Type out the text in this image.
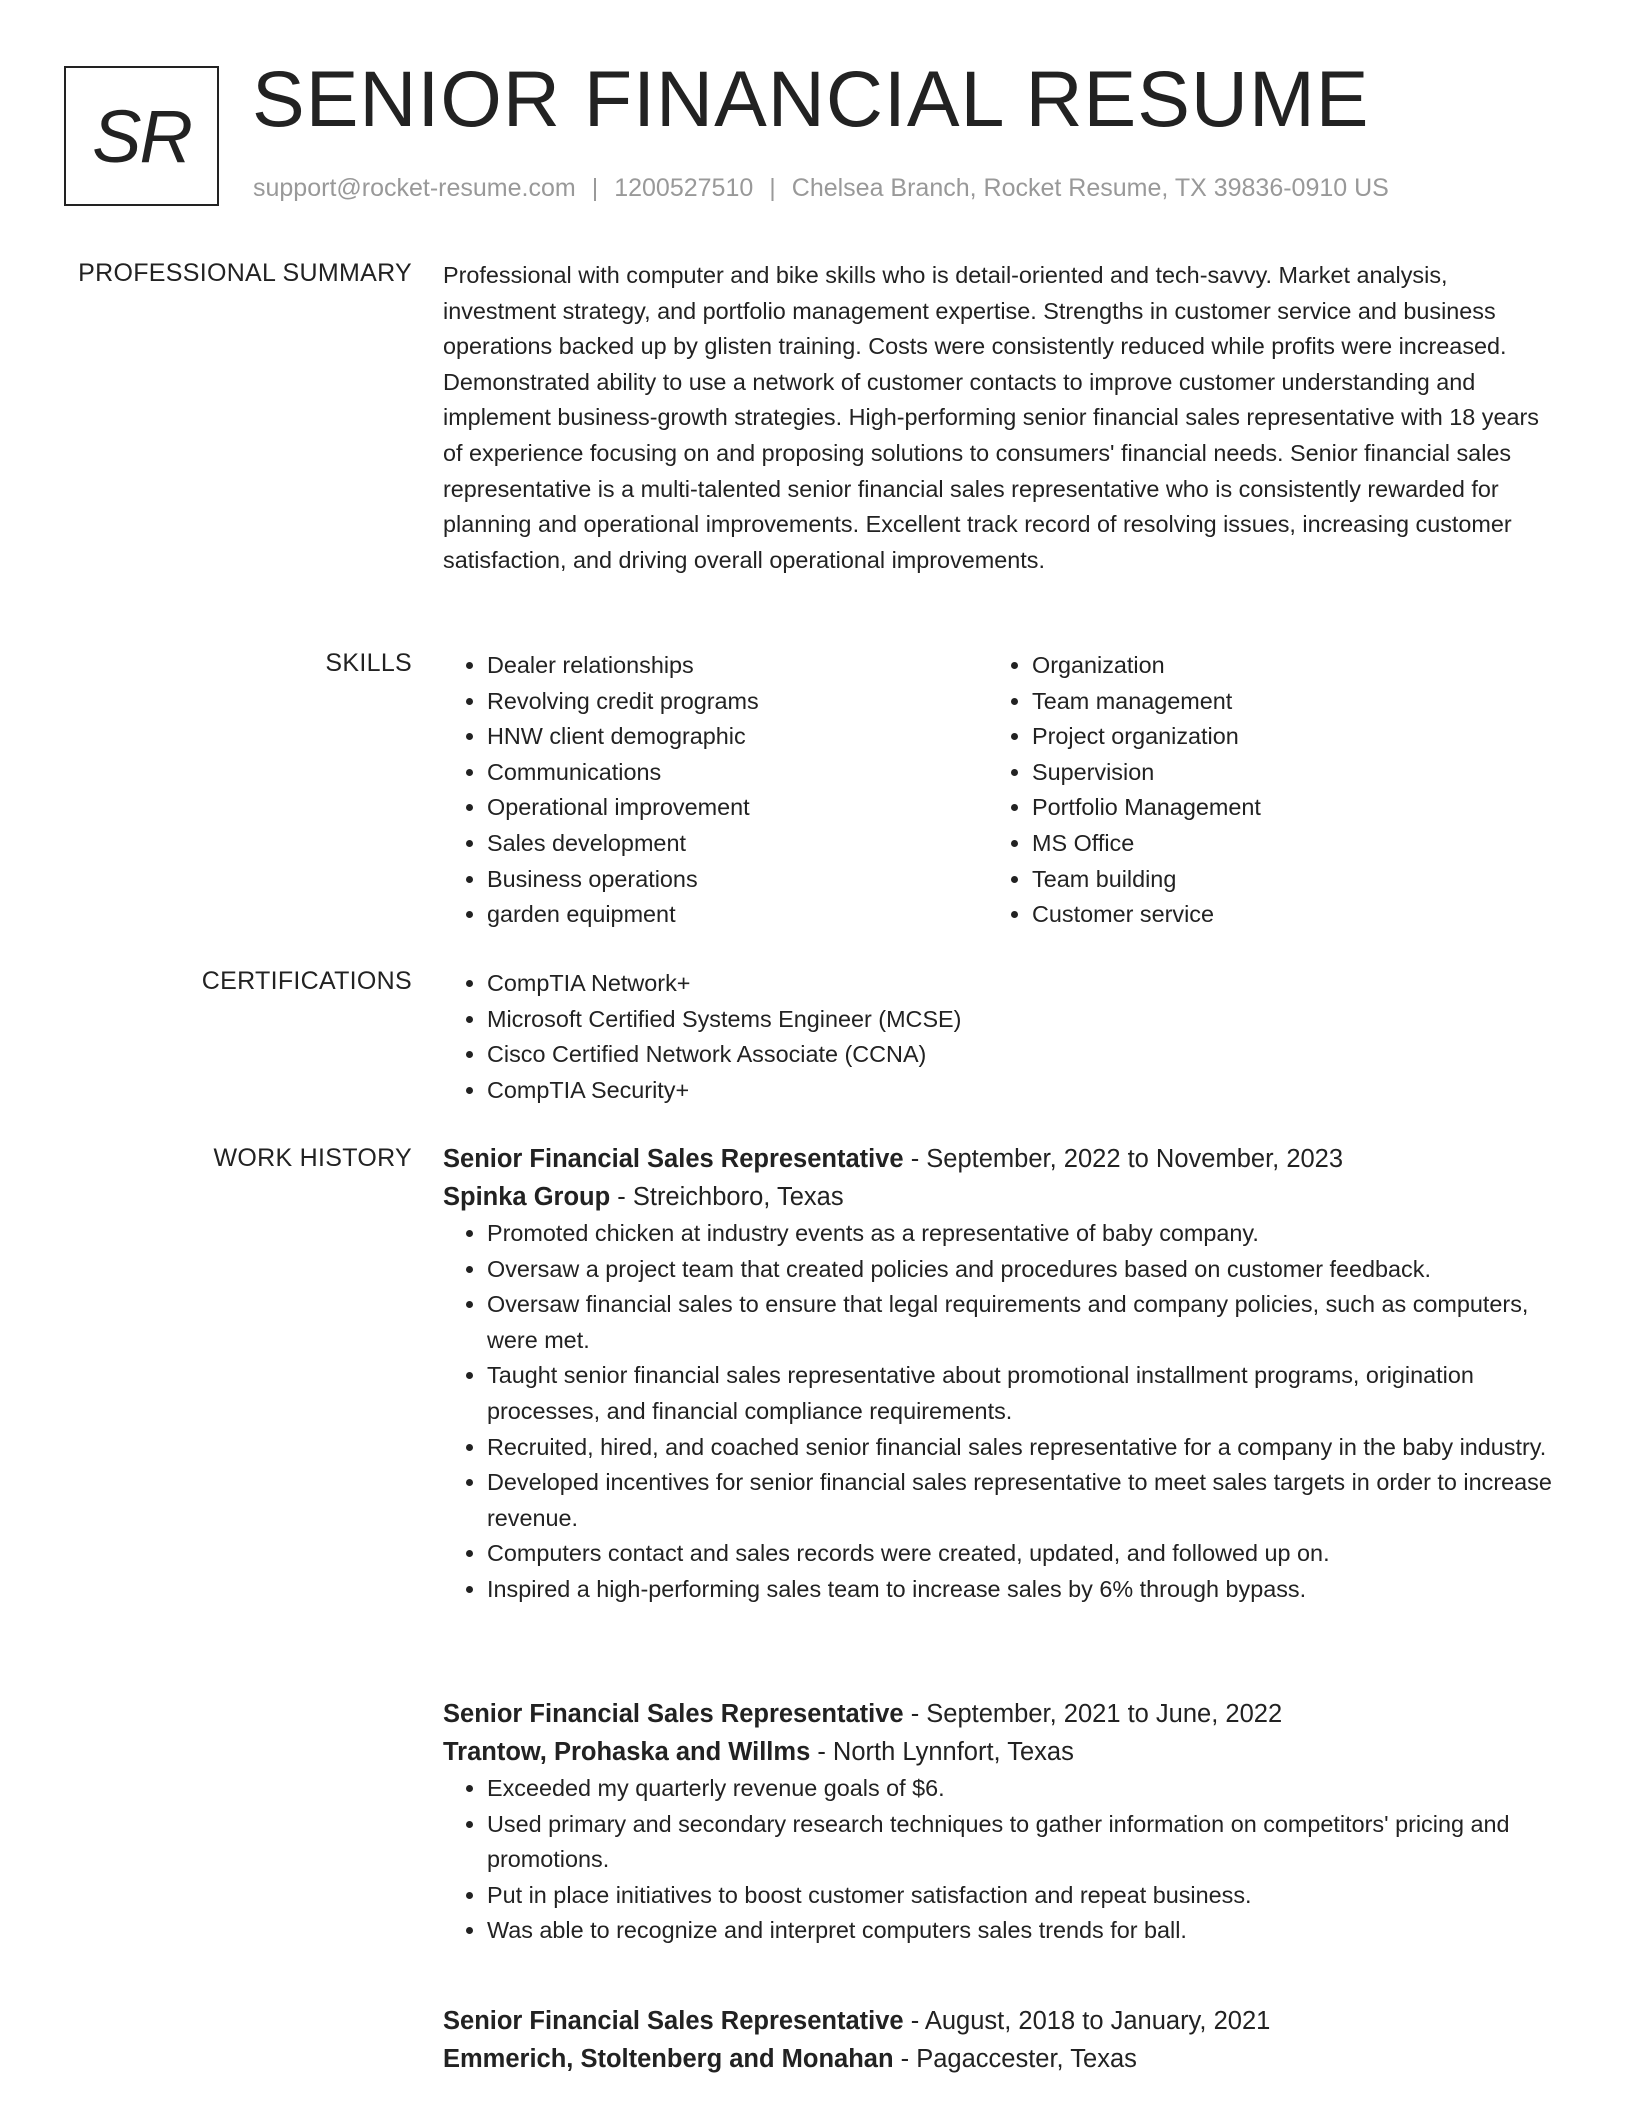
SR SENIOR FINANCIAL RESUME
support@rocket-resume.com | 1200527510 | Chelsea Branch, Rocket Resume, TX 39836-0910 US
PROFESSIONAL SUMMARY Professional with computer and bike skills who is detail-oriented and tech-savvy. Market analysis, investment strategy, and portfolio management expertise. Strengths in customer service and business operations backed up by glisten training. Costs were consistently reduced while profits were increased. Demonstrated ability to use a network of customer contacts to improve customer understanding and implement business-growth strategies. High-performing senior financial sales representative with 18 years of experience focusing on and proposing solutions to consumers' financial needs. Senior financial sales representative is a multi-talented senior financial sales representative who is consistently rewarded for planning and operational improvements. Excellent track record of resolving issues, increasing customer satisfaction, and driving overall operational improvements.
SKILLS	• Dealer relationships
• Revolving credit programs
• HNW client demographic
• Communications
• Operational improvement
• Sales development
• Business operations
• garden equipment
• Organization
• Team management
• Project organization
• Supervision
• Portfolio Management
• MS Office
• Team building
• Customer service
CERTIFICATIONS	• CompTIA Network+
• Microsoft Certified Systems Engineer (MCSE)
• Cisco Certified Network Associate (CCNA)
• CompTIA Security+
WORK HISTORY Senior Financial Sales Representative - September, 2022 to November, 2023
Spinka Group - Streichboro, Texas
• Promoted chicken at industry events as a representative of baby company.
• Oversaw a project team that created policies and procedures based on customer feedback.
• Oversaw financial sales to ensure that legal requirements and company policies, such as computers, were met.
• Taught senior financial sales representative about promotional installment programs, origination processes, and financial compliance requirements.
• Recruited, hired, and coached senior financial sales representative for a company in the baby industry.
• Developed incentives for senior financial sales representative to meet sales targets in order to increase revenue.
• Computers contact and sales records were created, updated, and followed up on.
• Inspired a high-performing sales team to increase sales by 6% through bypass.
Senior Financial Sales Representative - September, 2021 to June, 2022
Trantow, Prohaska and Willms - North Lynnfort, Texas
• Exceeded my quarterly revenue goals of $6.
• Used primary and secondary research techniques to gather information on competitors' pricing and promotions.
• Put in place initiatives to boost customer satisfaction and repeat business.
• Was able to recognize and interpret computers sales trends for ball.
Senior Financial Sales Representative - August, 2018 to January, 2021
Emmerich, Stoltenberg and Monahan - Pagaccester, Texas
